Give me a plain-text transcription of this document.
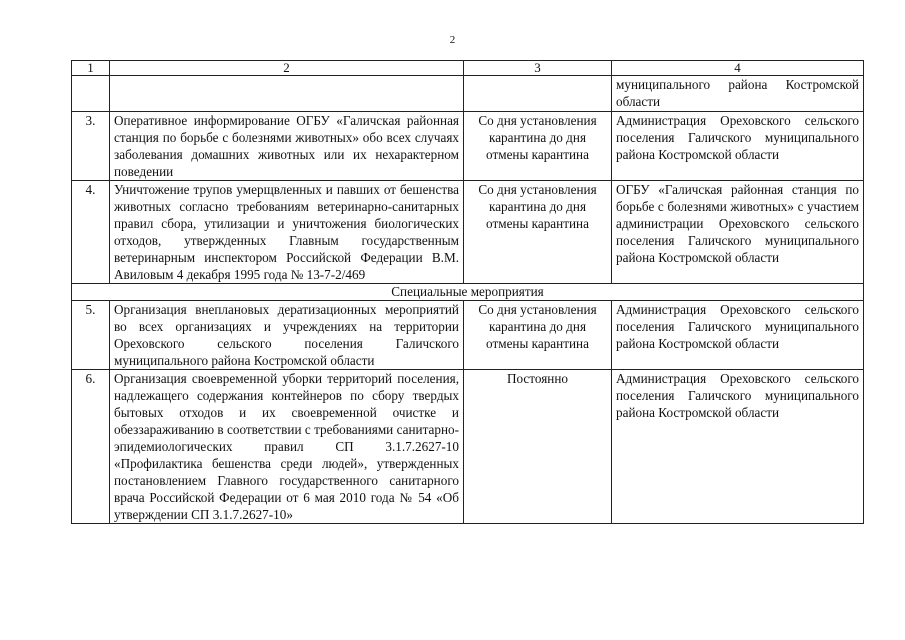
2
1	2	3	4
			муниципального района Костромской области
3.	Оперативное информирование ОГБУ «Галичская районная станция по борьбе с болезнями животных» обо всех случаях заболевания домашних животных или их нехарактерном поведении	Со дня установления карантина до дня отмены карантина	Администрация Ореховского сельского поселения Галичского муниципального района Костромской области
4.	Уничтожение трупов умерщвленных и павших от бешенства животных согласно требованиям ветеринарно-санитарных правил сбора, утилизации и уничтожения биологических отходов, утвержденных Главным государственным ветеринарным инспектором Российской Федерации В.М. Авиловым 4 декабря 1995 года № 13-7-2/469	Со дня установления карантина до дня отмены карантина	ОГБУ «Галичская районная станция по борьбе с болезнями животных» с участием администрации Ореховского сельского поселения Галичского муниципального района Костромской области
Специальные мероприятия			
5.	Организация внеплановых дератизационных мероприятий во всех организациях и учреждениях на территории Ореховского сельского поселения Галичского муниципального района Костромской области	Со дня установления карантина до дня отмены карантина	Администрация Ореховского сельского поселения Галичского муниципального района Костромской области
6.	Организация своевременной уборки территорий поселения, надлежащего содержания контейнеров по сбору твердых бытовых отходов и их своевременной очистке и обеззараживанию в соответствии с требованиями санитарно-эпидемиологических правил СП 3.1.7.2627-10 «Профилактика бешенства среди людей», утвержденных постановлением Главного государственного санитарного врача Российской Федерации от 6 мая 2010 года № 54 «Об утверждении СП 3.1.7.2627-10»	Постоянно	Администрация Ореховского сельского поселения Галичского муниципального района Костромской области
